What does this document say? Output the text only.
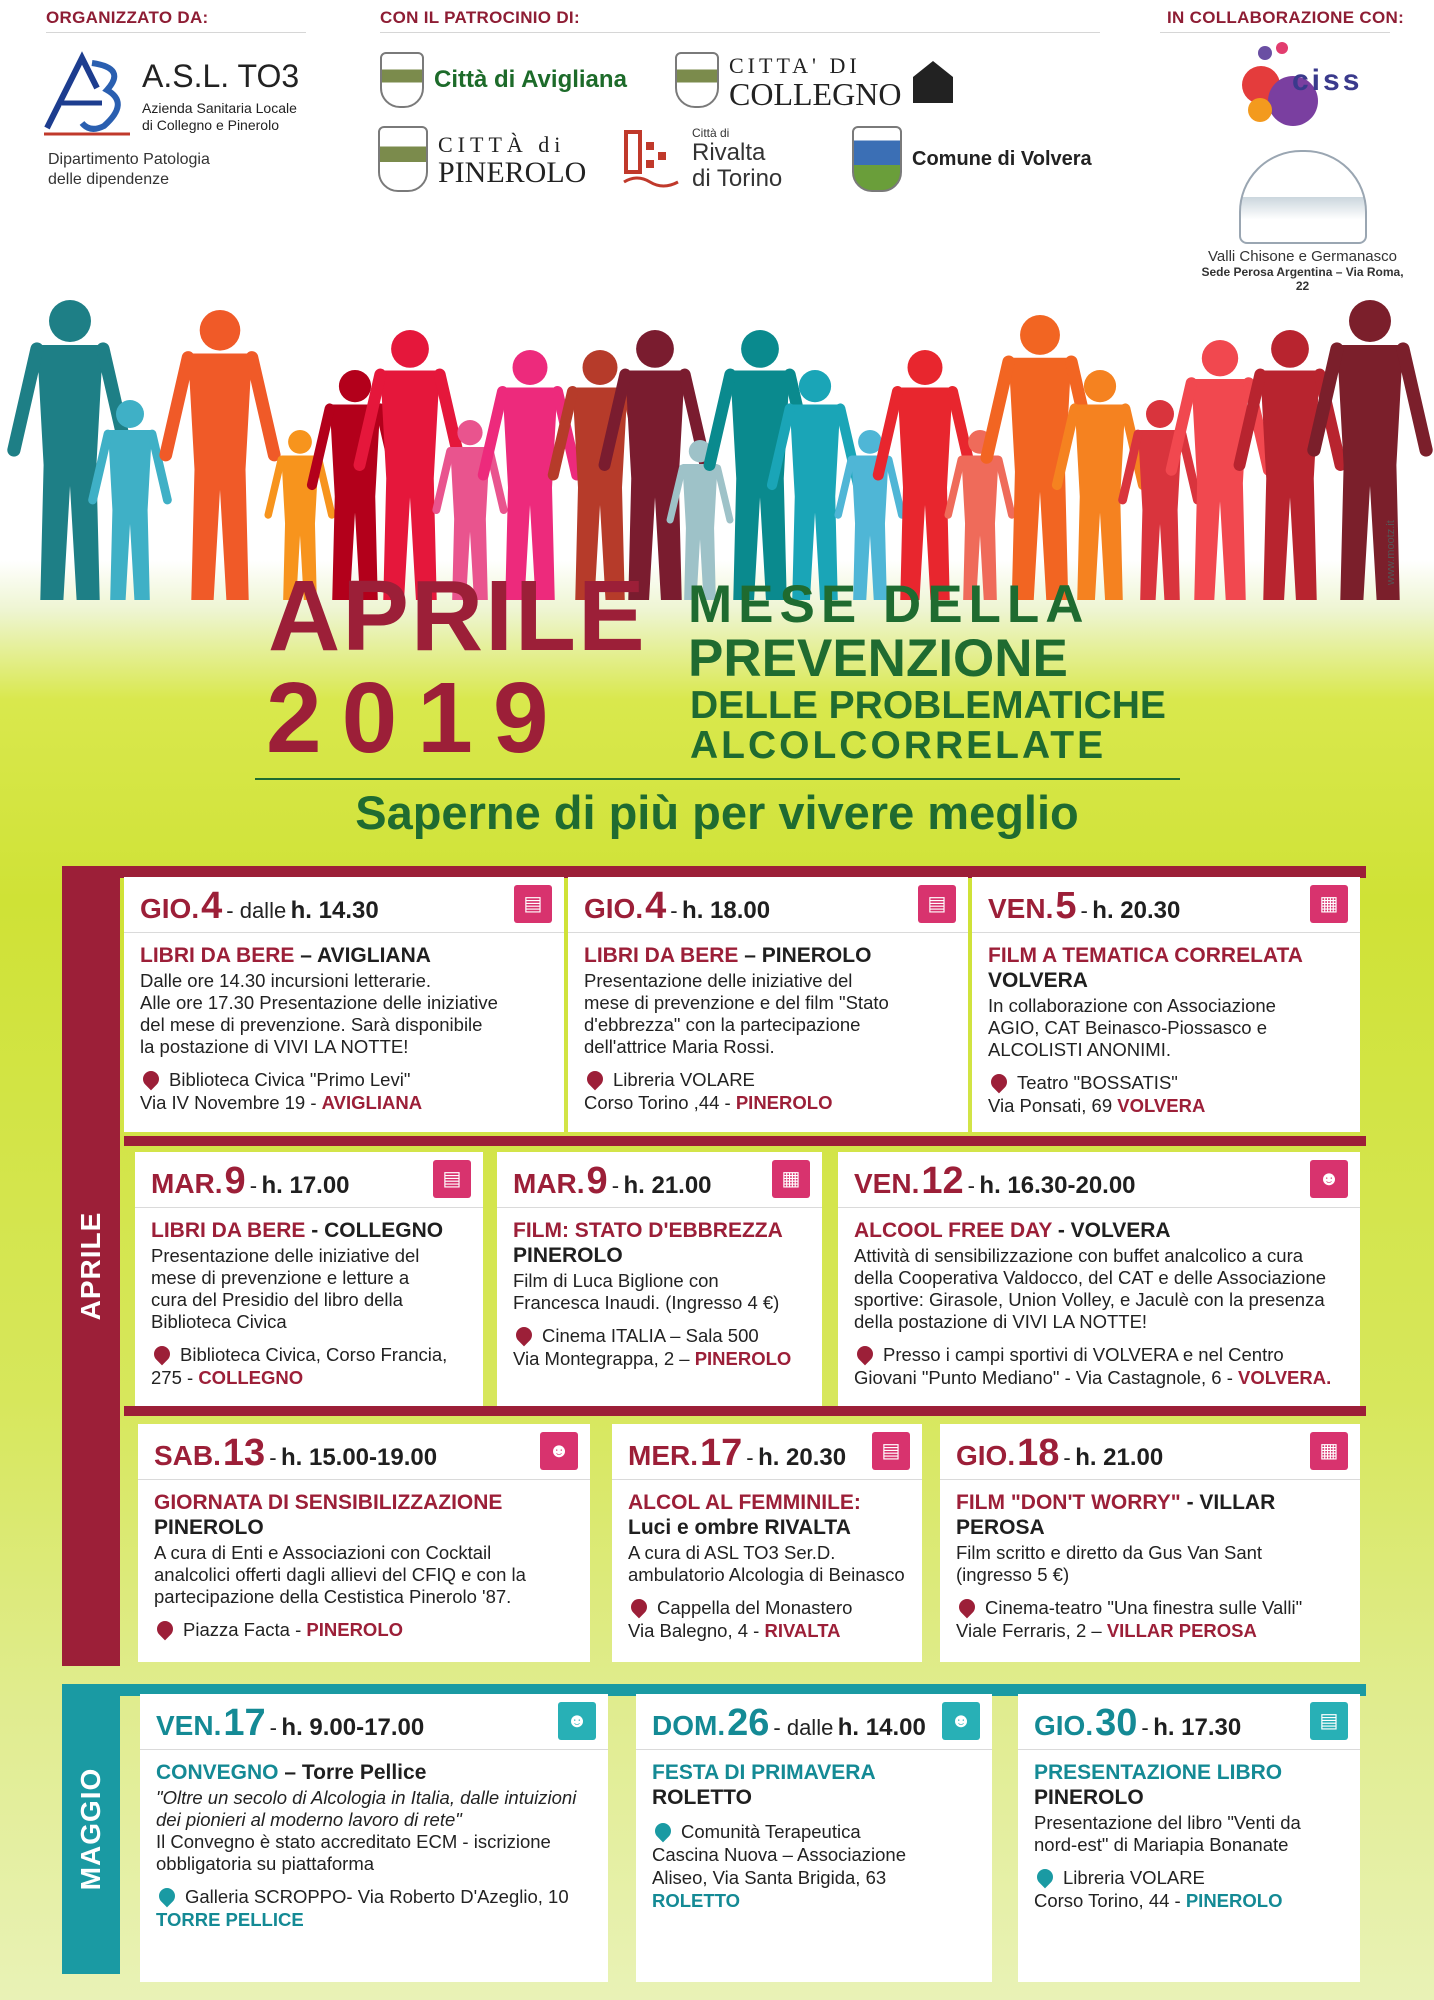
ORGANIZZATO DA:	CON IL PATROCINIO DI:	IN COLLABORAZIONE CON:
A.S.L. TO3
Azienda Sanitaria Locale
di Collegno e Pinerolo
Dipartimento Patologia
delle dipendenze
Città di Avigliana
CITTA' DI
COLLEGNO
CITTÀ di
PINEROLO
Città di
Rivalta
di Torino
Comune di Volvera
ciss
Valli Chisone e Germanasco
Sede Perosa Argentina – Via Roma, 22
www.mootz.it
APRILE
2019
MESE DELLA
PREVENZIONE
DELLE PROBLEMATICHE
ALCOLCORRELATE
Saperne di più per vivere meglio
APRILE
MAGGIO
GIO.4 - dalle h. 14.30	▤
LIBRI DA BERE – AVIGLIANA
Dalle ore 14.30 incursioni letterarie.
Alle ore 17.30 Presentazione delle iniziative
del mese di prevenzione. Sarà disponibile
la postazione di VIVI LA NOTTE!
Biblioteca Civica "Primo Levi"
Via IV Novembre 19 - AVIGLIANA
GIO.4 - h. 18.00	▤
LIBRI DA BERE – PINEROLO
Presentazione delle iniziative del
mese di prevenzione e del film "Stato
d'ebbrezza" con la partecipazione
dell'attrice Maria Rossi.
Libreria VOLARE
Corso Torino ,44 - PINEROLO
VEN.5 - h. 20.30	▦
FILM A TEMATICA CORRELATA
VOLVERA
In collaborazione con Associazione
AGIO, CAT Beinasco-Piossasco e
ALCOLISTI ANONIMI.
Teatro "BOSSATIS"
Via Ponsati, 69 VOLVERA
MAR.9 - h. 17.00	▤
LIBRI DA BERE - COLLEGNO
Presentazione delle iniziative del
mese di prevenzione e letture a
cura del Presidio del libro della
Biblioteca Civica
Biblioteca Civica, Corso Francia,
275 - COLLEGNO
MAR.9 - h. 21.00	▦
FILM: STATO D'EBBREZZA
PINEROLO
Film di Luca Biglione con
Francesca Inaudi. (Ingresso 4 €)
Cinema ITALIA – Sala 500
Via Montegrappa, 2 – PINEROLO
VEN.12 - h. 16.30-20.00	☻
ALCOOL FREE DAY - VOLVERA
Attività di sensibilizzazione con buffet analcolico a cura
della Cooperativa Valdocco, del CAT e delle Associazione
sportive: Girasole, Union Volley, e Jaculè con la presenza
della postazione di VIVI LA NOTTE!
Presso i campi sportivi di VOLVERA e nel Centro
Giovani "Punto Mediano" - Via Castagnole, 6 - VOLVERA.
SAB.13 - h. 15.00-19.00	☻
GIORNATA DI SENSIBILIZZAZIONE
PINEROLO
A cura di Enti e Associazioni con Cocktail
analcolici offerti dagli allievi del CFIQ e con la
partecipazione della Cestistica Pinerolo '87.
Piazza Facta - PINEROLO
MER.17 - h. 20.30	▤
ALCOL AL FEMMINILE:
Luci e ombre RIVALTA
A cura di ASL TO3 Ser.D.
ambulatorio Alcologia di Beinasco
Cappella del Monastero
Via Balegno, 4 - RIVALTA
GIO.18 - h. 21.00	▦
FILM "DON'T WORRY" - VILLAR PEROSA
Film scritto e diretto da Gus Van Sant
(ingresso 5 €)
Cinema-teatro "Una finestra sulle Valli"
Viale Ferraris, 2 – VILLAR PEROSA
VEN.17 - h. 9.00-17.00	☻
CONVEGNO – Torre Pellice
"Oltre un secolo di Alcologia in Italia, dalle intuizioni
dei pionieri al moderno lavoro di rete"
Il Convegno è stato accreditato ECM - iscrizione
obbligatoria su piattaforma
Galleria SCROPPO- Via Roberto D'Azeglio, 10
TORRE PELLICE
DOM.26 - dalle h. 14.00	☻
FESTA DI PRIMAVERA
ROLETTO
Comunità Terapeutica
Cascina Nuova – Associazione
Aliseo, Via Santa Brigida, 63
ROLETTO
GIO.30 - h. 17.30	▤
PRESENTAZIONE LIBRO
PINEROLO
Presentazione del libro "Venti da
nord-est" di Mariapia Bonanate
Libreria VOLARE
Corso Torino, 44 - PINEROLO
